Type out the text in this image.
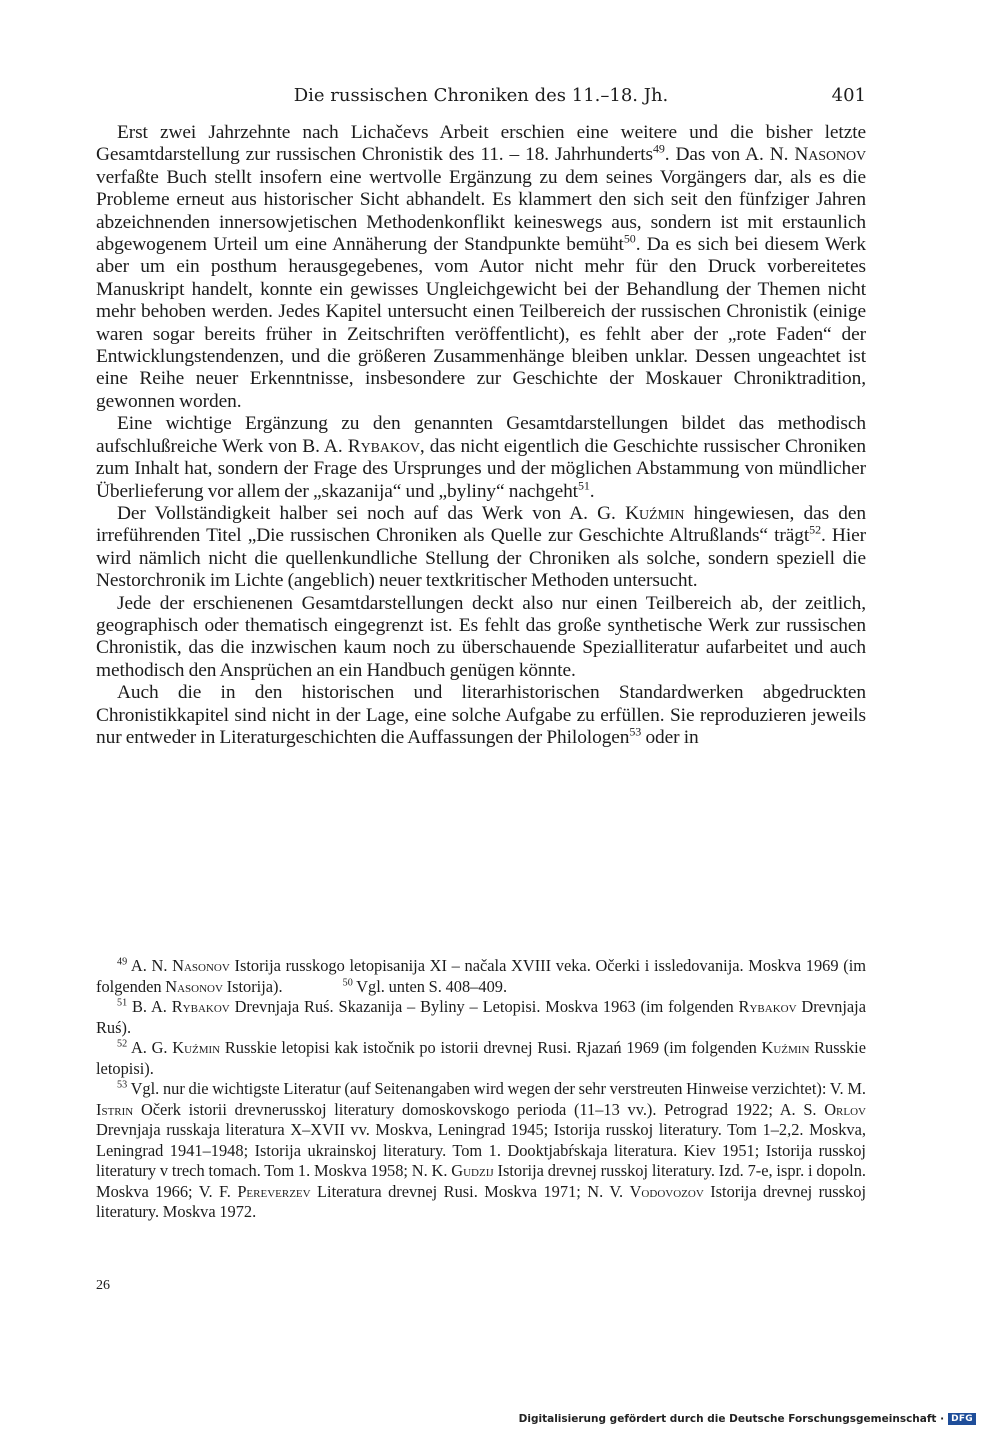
Die russischen Chroniken des 11.–18. Jh.	401

Erst zwei Jahrzehnte nach Lichačevs Arbeit erschien eine weitere und die bisher letzte Gesamtdarstellung zur russischen Chronistik des 11. – 18. Jahrhunderts$^{49}$. Das von A. N. Nasonov verfaßte Buch stellt insofern eine wertvolle Ergänzung zu dem seines Vorgängers dar, als es die Probleme erneut aus historischer Sicht abhandelt. Es klammert den sich seit den fünfziger Jahren abzeichnenden innersowjetischen Methodenkonflikt keineswegs aus, sondern ist mit erstaunlich abgewogenem Urteil um eine Annäherung der Standpunkte bemüht$^{50}$. Da es sich bei diesem Werk aber um ein posthum herausgegebenes, vom Autor nicht mehr für den Druck vorbereitetes Manuskript handelt, konnte ein gewisses Ungleichgewicht bei der Behandlung der Themen nicht mehr behoben werden. Jedes Kapitel untersucht einen Teilbereich der russischen Chronistik (einige waren sogar bereits früher in Zeitschriften veröffentlicht), es fehlt aber der „rote Faden“ der Entwicklungstendenzen, und die größeren Zusammenhänge bleiben unklar. Dessen ungeachtet ist eine Reihe neuer Erkenntnisse, insbesondere zur Geschichte der Moskauer Chroniktradition, gewonnen worden.

Eine wichtige Ergänzung zu den genannten Gesamtdarstellungen bildet das methodisch aufschlußreiche Werk von B. A. Rybakov, das nicht eigentlich die Geschichte russischer Chroniken zum Inhalt hat, sondern der Frage des Ursprunges und der möglichen Abstammung von mündlicher Überlieferung vor allem der „skazanija“ und „byliny“ nachgeht$^{51}$.

Der Vollständigkeit halber sei noch auf das Werk von A. G. Kuźmin hingewiesen, das den irreführenden Titel „Die russischen Chroniken als Quelle zur Geschichte Altrußlands“ trägt$^{52}$. Hier wird nämlich nicht die quellenkundliche Stellung der Chroniken als solche, sondern speziell die Nestorchronik im Lichte (angeblich) neuer textkritischer Methoden untersucht.

Jede der erschienenen Gesamtdarstellungen deckt also nur einen Teilbereich ab, der zeitlich, geographisch oder thematisch eingegrenzt ist. Es fehlt das große synthetische Werk zur russischen Chronistik, das die inzwischen kaum noch zu überschauende Spezialliteratur aufarbeitet und auch methodisch den Ansprüchen an ein Handbuch genügen könnte.

Auch die in den historischen und literarhistorischen Standardwerken abgedruckten Chronistikkapitel sind nicht in der Lage, eine solche Aufgabe zu erfüllen. Sie reproduzieren jeweils nur entweder in Literaturgeschichten die Auffassungen der Philologen$^{53}$ oder in

$^{49}$ A. N. Nasonov Istorija russkogo letopisanija XI – načala XVIII veka. Očerki i issledovanija. Moskva 1969 (im folgenden Nasonov Istorija).	$^{50}$ Vgl. unten S. 408–409.

$^{51}$ B. A. Rybakov Drevnjaja Ruś. Skazanija – Byliny – Letopisi. Moskva 1963 (im folgenden Rybakov Drevnjaja Ruś).

$^{52}$ A. G. Kuźmin Russkie letopisi kak istočnik po istorii drevnej Rusi. Rjazań 1969 (im folgenden Kuźmin Russkie letopisi).

$^{53}$ Vgl. nur die wichtigste Literatur (auf Seitenangaben wird wegen der sehr verstreuten Hinweise verzichtet): V. M. Istrin Očerk istorii drevnerusskoj literatury domoskovskogo perioda (11–13 vv.). Petrograd 1922; A. S. Orlov Drevnjaja russkaja literatura X–XVII vv. Moskva, Leningrad 1945; Istorija russkoj literatury. Tom 1–2,2. Moskva, Leningrad 1941–1948; Istorija ukrainskoj literatury. Tom 1. Dooktjabŕskaja literatura. Kiev 1951; Istorija russkoj literatury v trech tomach. Tom 1. Moskva 1958; N. K. Gudzij Istorija drevnej russkoj literatury. Izd. 7-e, ispr. i dopoln. Moskva 1966; V. F. Pereverzev Literatura drevnej Rusi. Moskva 1971; N. V. Vodovozov Istorija drevnej russkoj literatury. Moskva 1972.

26
Digitalisierung gefördert durch die Deutsche Forschungsgemeinschaft · DFG
